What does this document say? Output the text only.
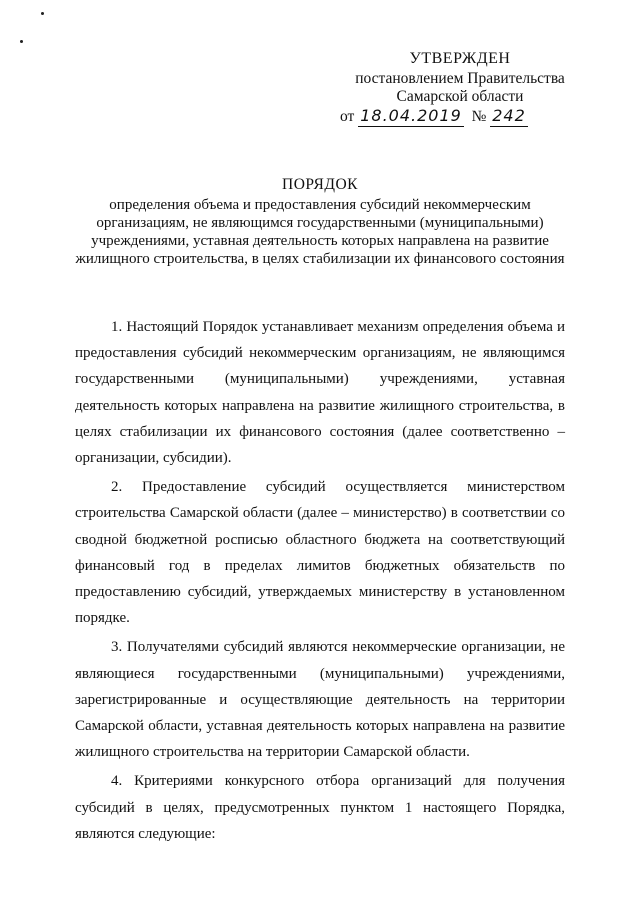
УТВЕРЖДЕН
постановлением Правительства
Самарской области
от 18.04.2019 № 242
ПОРЯДОК
определения объема и предоставления субсидий некоммерческим организациям, не являющимся государственными (муниципальными) учреждениями, уставная деятельность которых направлена на развитие жилищного строительства, в целях стабилизации их финансового состояния

1. Настоящий Порядок устанавливает механизм определения объема и предоставления субсидий некоммерческим организациям, не являющимся государственными (муниципальными) учреждениями, уставная деятельность которых направлена на развитие жилищного строительства, в целях стабилизации их финансового состояния (далее соответственно – организации, субсидии).

2. Предоставление субсидий осуществляется министерством строительства Самарской области (далее – министерство) в соответствии со сводной бюджетной росписью областного бюджета на соответствующий финансовый год в пределах лимитов бюджетных обязательств по предоставлению субсидий, утверждаемых министерству в установленном порядке.

3. Получателями субсидий являются некоммерческие организации, не являющиеся государственными (муниципальными) учреждениями, зарегистрированные и осуществляющие деятельность на территории Самарской области, уставная деятельность которых направлена на развитие жилищного строительства на территории Самарской области.

4. Критериями конкурсного отбора организаций для получения субсидий в целях, предусмотренных пунктом 1 настоящего Порядка, являются следующие:
